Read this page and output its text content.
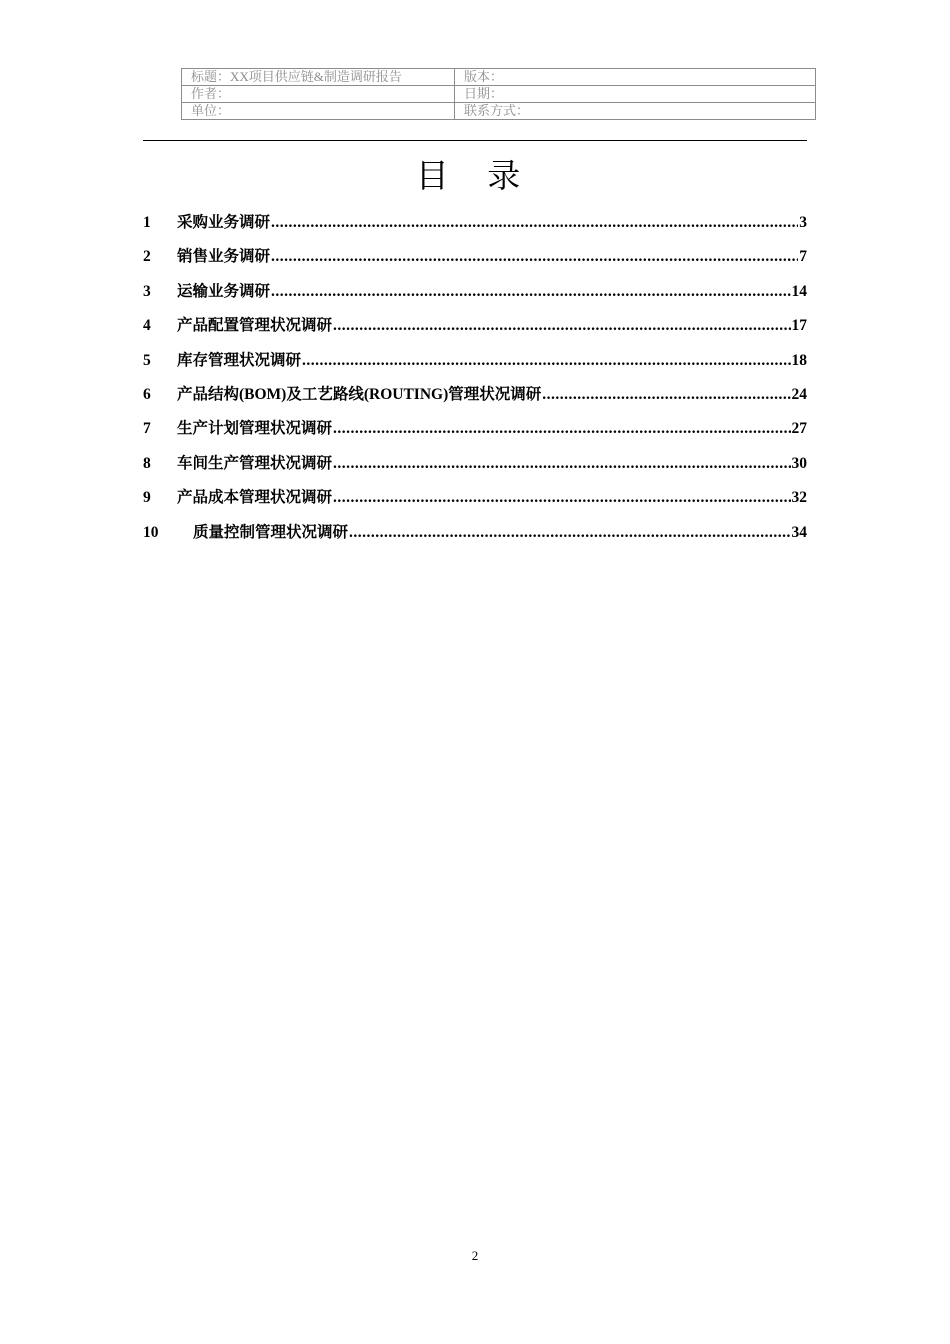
标题：XX项目供应链&制造调研报告	版本：
作者：	日期：
单位：	联系方式：
目 录
1	采购业务调研 .....	3
2	销售业务调研 .....	7
3	运输业务调研 .....	14
4	产品配置管理状况调研 .....	17
5	库存管理状况调研 .....	18
6	产品结构(BOM)及工艺路线(ROUTING)管理状况调研 .....	24
7	生产计划管理状况调研 .....	27
8	车间生产管理状况调研 .....	30
9	产品成本管理状况调研 .....	32
10	质量控制管理状况调研 .....	34
2
